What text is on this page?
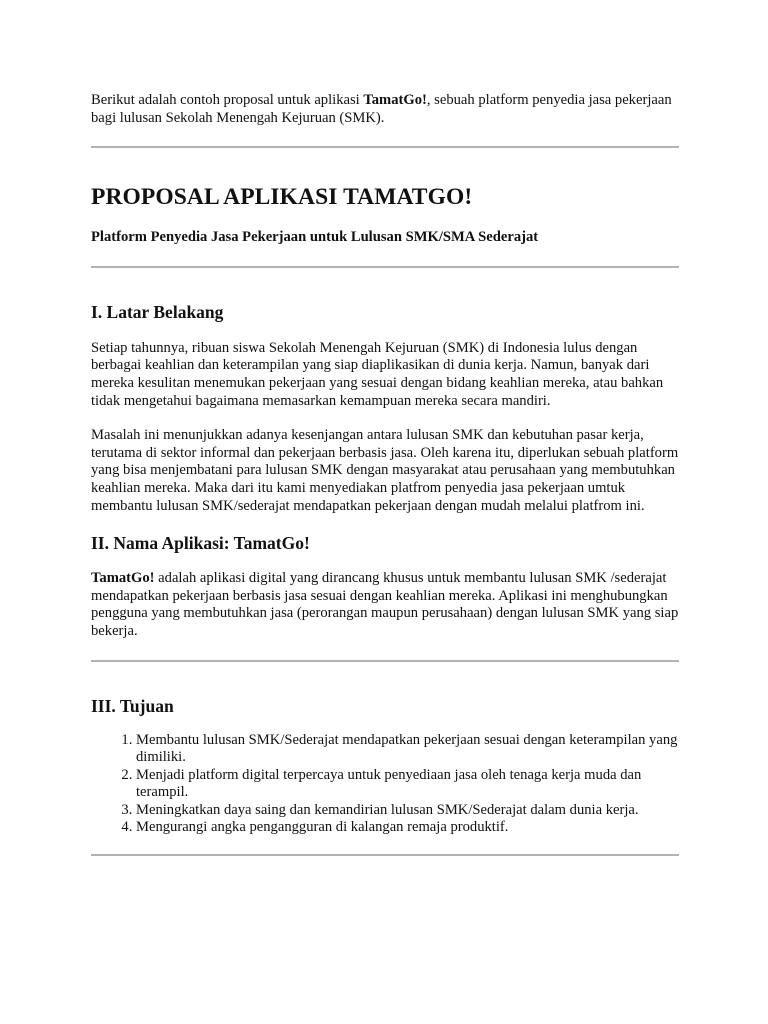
Berikut adalah contoh proposal untuk aplikasi TamatGo!, sebuah platform penyedia jasa pekerjaan bagi lulusan Sekolah Menengah Kejuruan (SMK).

PROPOSAL APLIKASI TAMATGO!

Platform Penyedia Jasa Pekerjaan untuk Lulusan SMK/SMA Sederajat

I. Latar Belakang

Setiap tahunnya, ribuan siswa Sekolah Menengah Kejuruan (SMK) di Indonesia lulus dengan berbagai keahlian dan keterampilan yang siap diaplikasikan di dunia kerja. Namun, banyak dari mereka kesulitan menemukan pekerjaan yang sesuai dengan bidang keahlian mereka, atau bahkan tidak mengetahui bagaimana memasarkan kemampuan mereka secara mandiri.

Masalah ini menunjukkan adanya kesenjangan antara lulusan SMK dan kebutuhan pasar kerja, terutama di sektor informal dan pekerjaan berbasis jasa. Oleh karena itu, diperlukan sebuah platform yang bisa menjembatani para lulusan SMK dengan masyarakat atau perusahaan yang membutuhkan keahlian mereka. Maka dari itu kami menyediakan platfrom penyedia jasa pekerjaan umtuk membantu lulusan SMK/sederajat mendapatkan pekerjaan dengan mudah melalui platfrom ini.

II. Nama Aplikasi: TamatGo!

TamatGo! adalah aplikasi digital yang dirancang khusus untuk membantu lulusan SMK /sederajat mendapatkan pekerjaan berbasis jasa sesuai dengan keahlian mereka. Aplikasi ini menghubungkan pengguna yang membutuhkan jasa (perorangan maupun perusahaan) dengan lulusan SMK yang siap bekerja.

III. Tujuan
1. Membantu lulusan SMK/Sederajat mendapatkan pekerjaan sesuai dengan keterampilan yang dimiliki.
2. Menjadi platform digital terpercaya untuk penyediaan jasa oleh tenaga kerja muda dan terampil.
3. Meningkatkan daya saing dan kemandirian lulusan SMK/Sederajat dalam dunia kerja.
4. Mengurangi angka pengangguran di kalangan remaja produktif.
